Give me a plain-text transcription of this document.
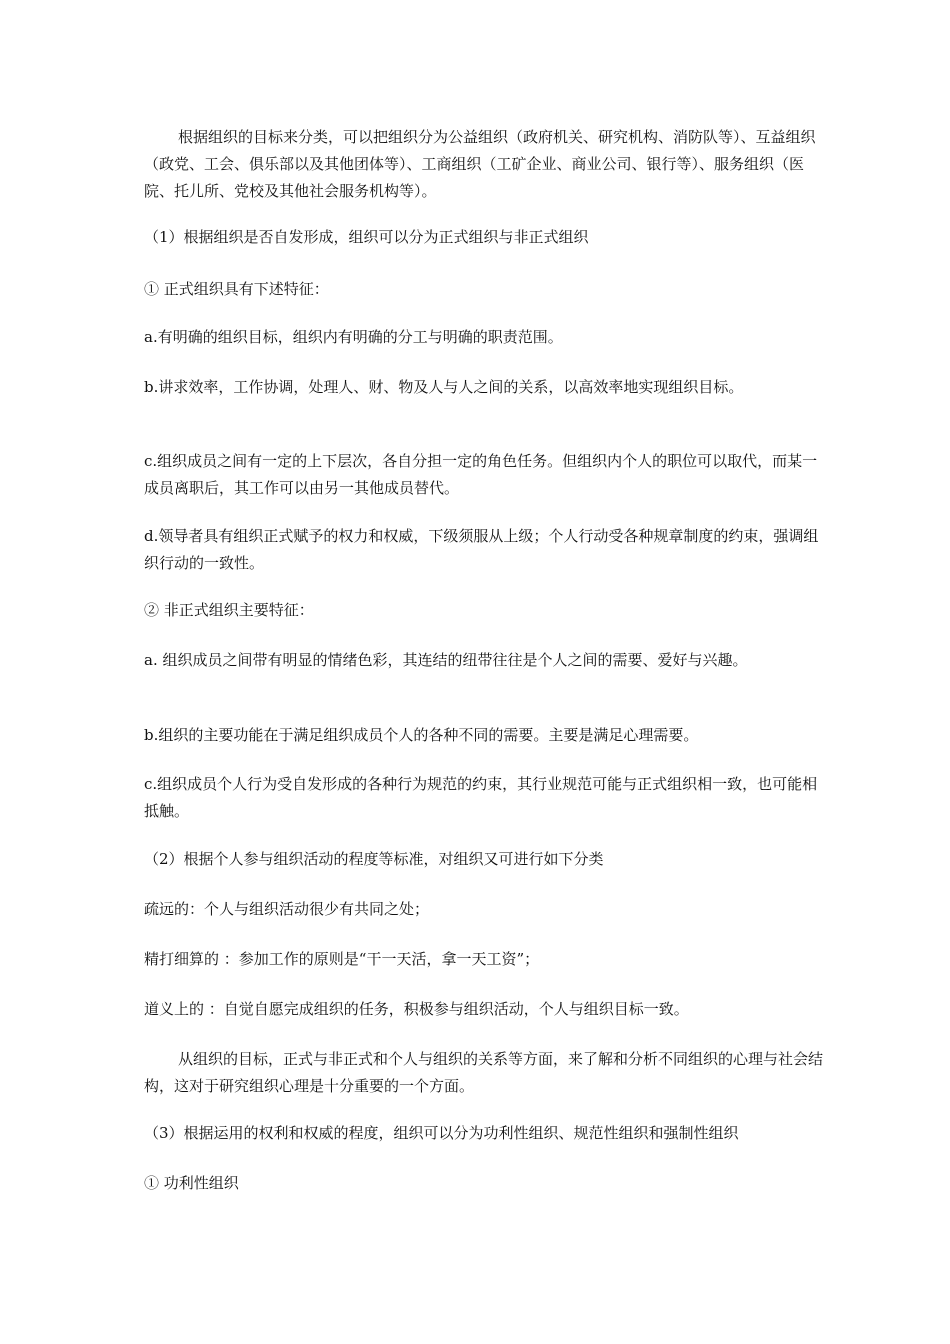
根据组织的目标来分类，可以把组织分为公益组织（政府机关、研究机构、消防队等）、互益组织（政党、工会、俱乐部以及其他团体等）、工商组织（工矿企业、商业公司、银行等）、服务组织（医院、托儿所、党校及其他社会服务机构等）。

（1）根据组织是否自发形成，组织可以分为正式组织与非正式组织

① 正式组织具有下述特征：

a.有明确的组织目标，组织内有明确的分工与明确的职责范围。

b.讲求效率，工作协调，处理人、财、物及人与人之间的关系，以高效率地实现组织目标。

c.组织成员之间有一定的上下层次，各自分担一定的角色任务。但组织内个人的职位可以取代，而某一成员离职后，其工作可以由另一其他成员替代。

d.领导者具有组织正式赋予的权力和权威，下级须服从上级；个人行动受各种规章制度的约束，强调组织行动的一致性。

② 非正式组织主要特征：

a. 组织成员之间带有明显的情绪色彩，其连结的纽带往往是个人之间的需要、爱好与兴趣。

b.组织的主要功能在于满足组织成员个人的各种不同的需要。主要是满足心理需要。

c.组织成员个人行为受自发形成的各种行为规范的约束，其行业规范可能与正式组织相一致，也可能相抵触。

（2）根据个人参与组织活动的程度等标准，对组织又可进行如下分类

疏远的：个人与组织活动很少有共同之处；

精打细算的 ：参加工作的原则是“干一天活，拿一天工资”；

道义上的 ：自觉自愿完成组织的任务，积极参与组织活动，个人与组织目标一致。

从组织的目标，正式与非正式和个人与组织的关系等方面，来了解和分析不同组织的心理与社会结构，这对于研究组织心理是十分重要的一个方面。

（3）根据运用的权利和权威的程度，组织可以分为功利性组织、规范性组织和强制性组织

① 功利性组织
